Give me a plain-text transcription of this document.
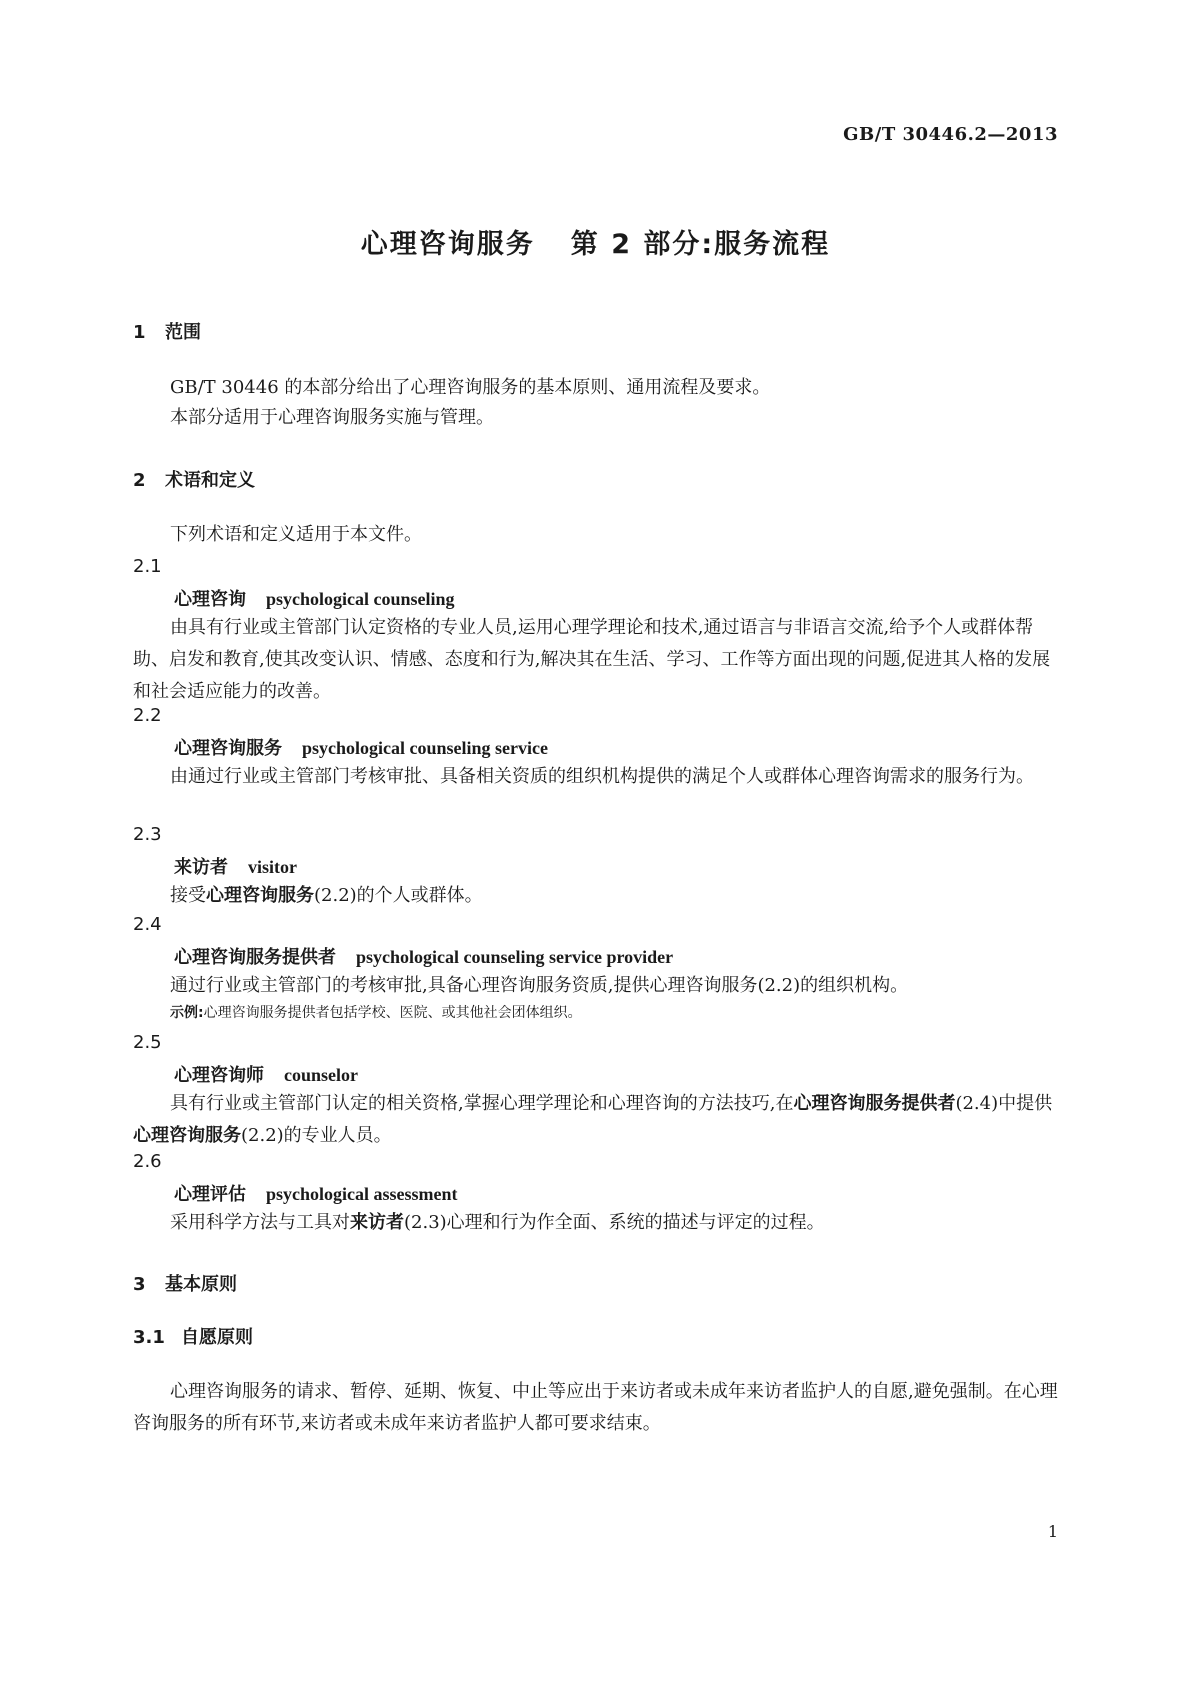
GB/T 30446.2—2013
心理咨询服务 第 2 部分:服务流程
1 范围
GB/T 30446 的本部分给出了心理咨询服务的基本原则、通用流程及要求。
本部分适用于心理咨询服务实施与管理。
2 术语和定义
下列术语和定义适用于本文件。
2.1
心理咨询 psychological counseling
由具有行业或主管部门认定资格的专业人员,运用心理学理论和技术,通过语言与非语言交流,给予个人或群体帮助、启发和教育,使其改变认识、情感、态度和行为,解决其在生活、学习、工作等方面出现的问题,促进其人格的发展和社会适应能力的改善。
2.2
心理咨询服务 psychological counseling service
由通过行业或主管部门考核审批、具备相关资质的组织机构提供的满足个人或群体心理咨询需求的服务行为。
2.3
来访者 visitor
接受心理咨询服务(2.2)的个人或群体。
2.4
心理咨询服务提供者 psychological counseling service provider
通过行业或主管部门的考核审批,具备心理咨询服务资质,提供心理咨询服务(2.2)的组织机构。
示例:心理咨询服务提供者包括学校、医院、或其他社会团体组织。
2.5
心理咨询师 counselor
具有行业或主管部门认定的相关资格,掌握心理学理论和心理咨询的方法技巧,在心理咨询服务提供者(2.4)中提供心理咨询服务(2.2)的专业人员。
2.6
心理评估 psychological assessment
采用科学方法与工具对来访者(2.3)心理和行为作全面、系统的描述与评定的过程。
3 基本原则
3.1 自愿原则
心理咨询服务的请求、暂停、延期、恢复、中止等应出于来访者或未成年来访者监护人的自愿,避免强制。在心理咨询服务的所有环节,来访者或未成年来访者监护人都可要求结束。
1
